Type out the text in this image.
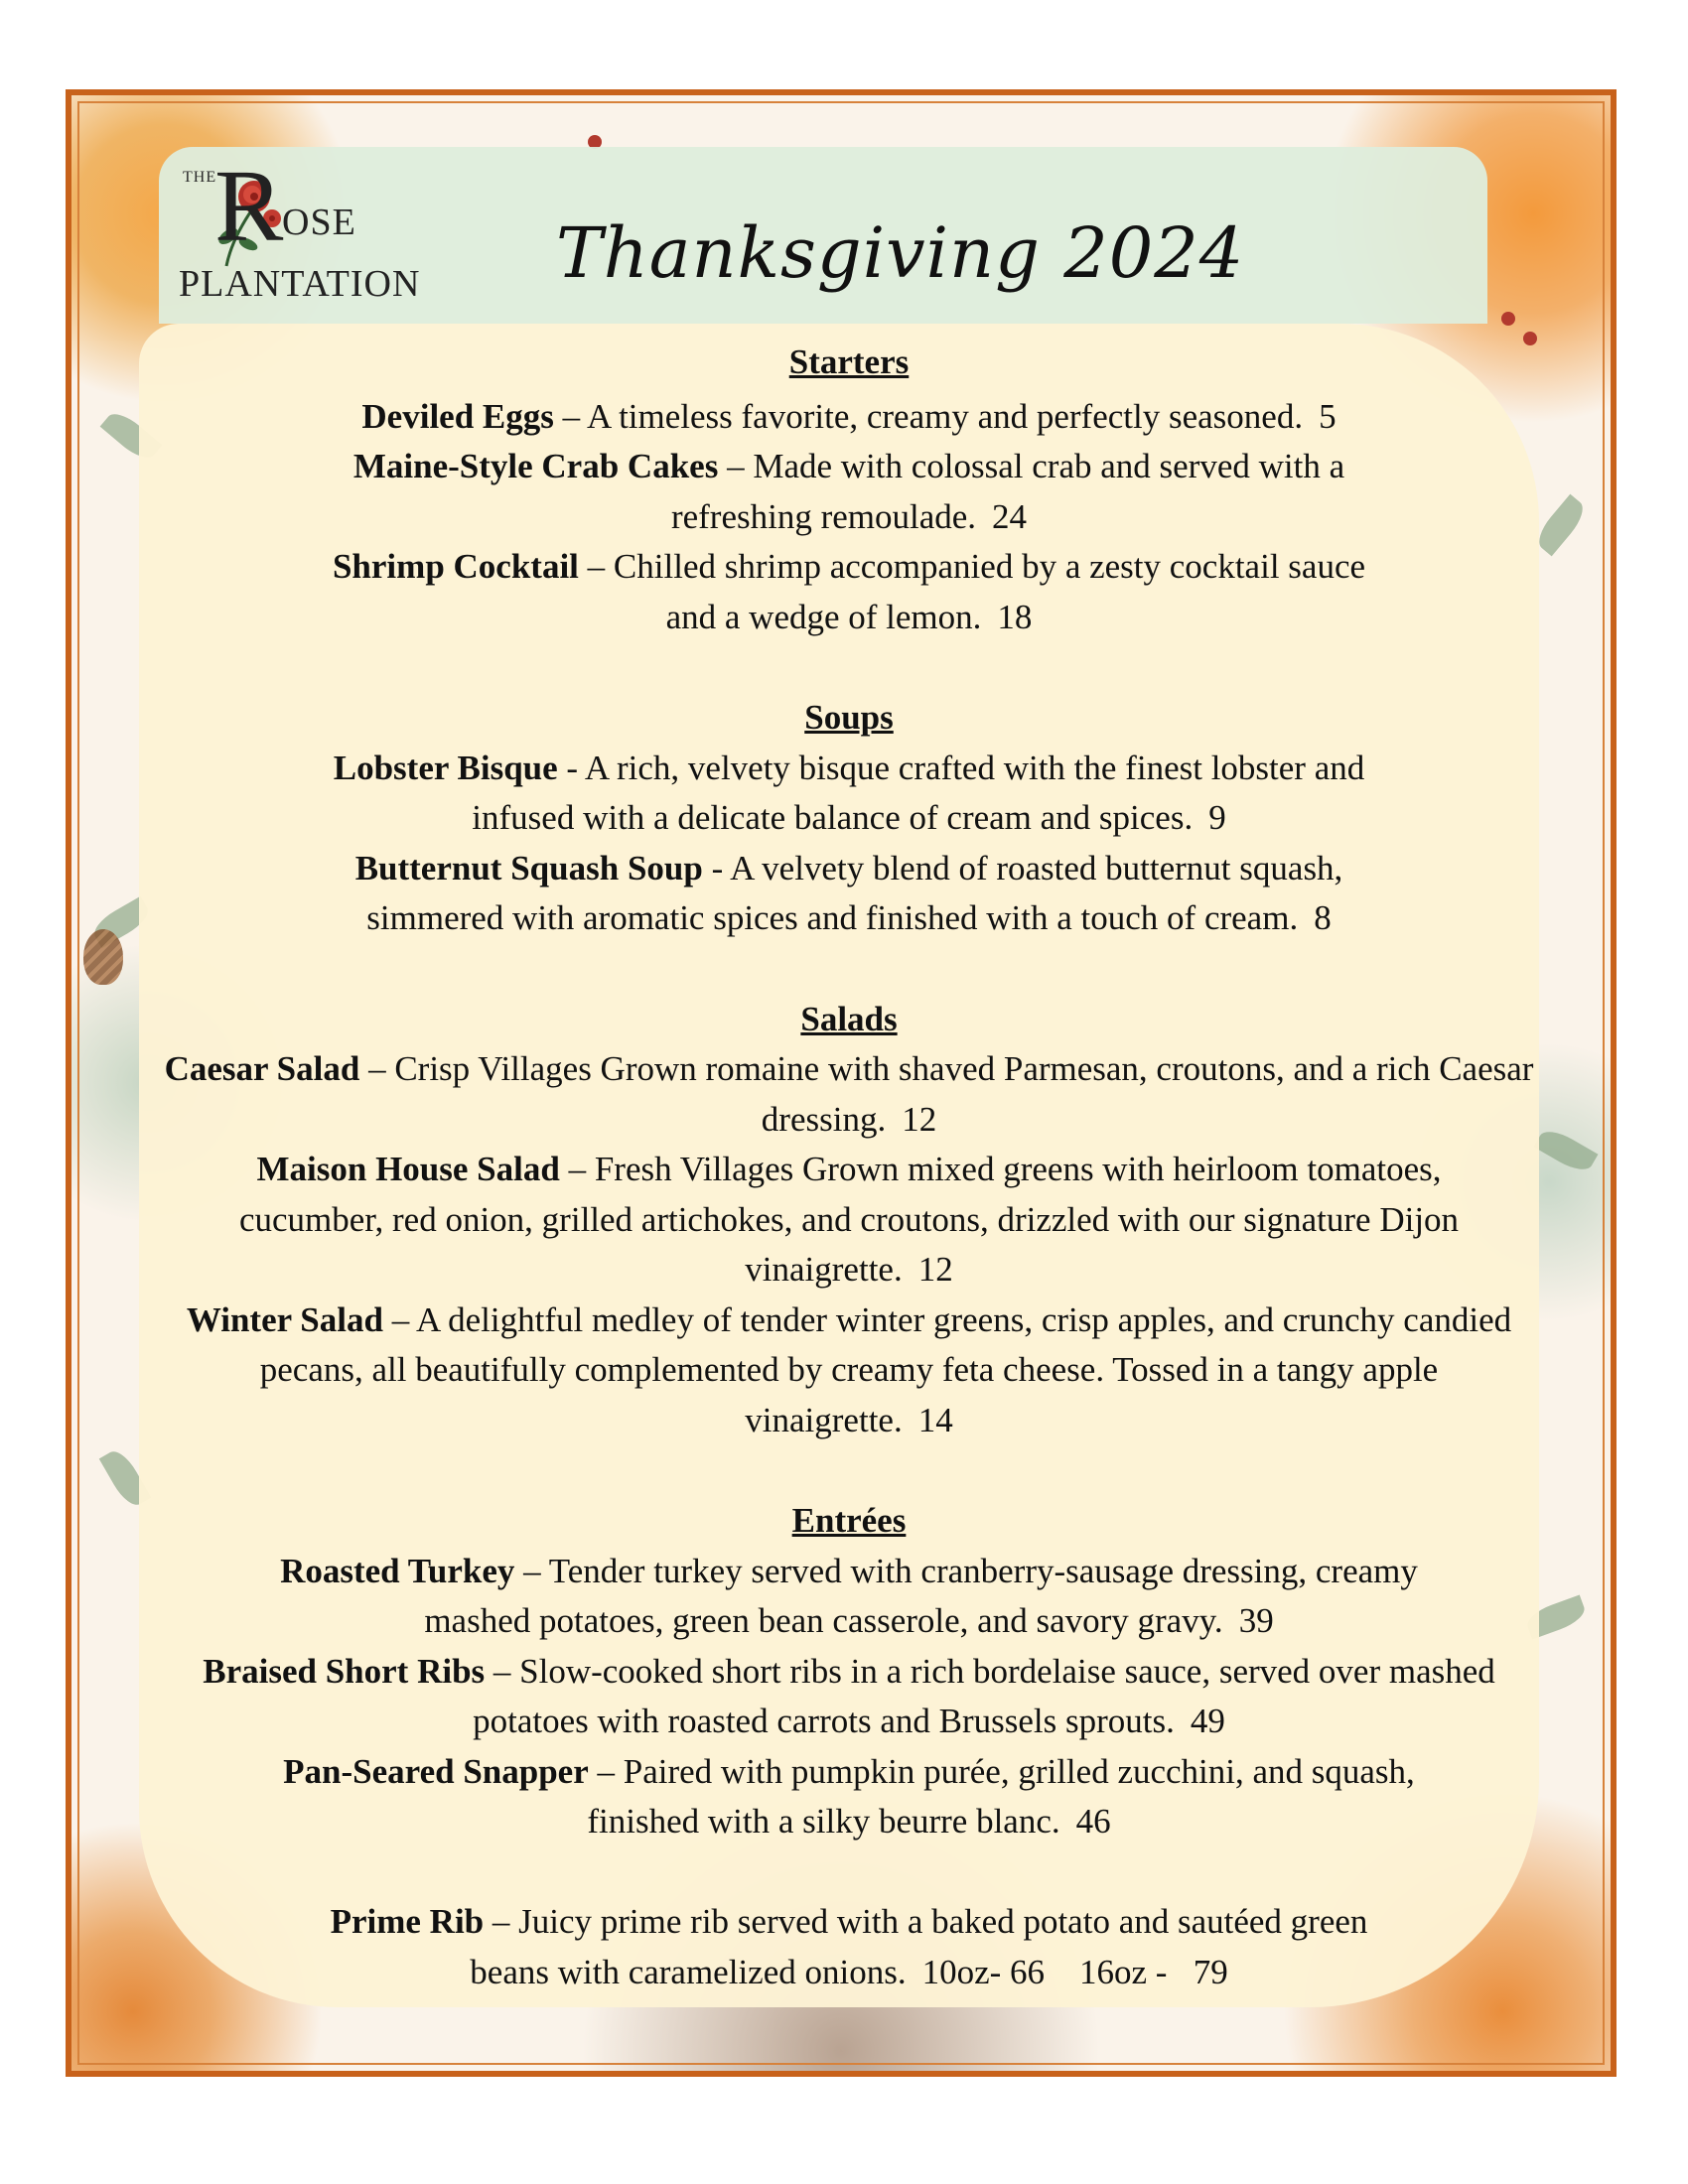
THE
R
OSE
PLANTATION Thanksgiving 2024

Starters

Deviled Eggs – A timeless favorite, creamy and perfectly seasoned. 5

Maine-Style Crab Cakes – Made with colossal crab and served with a refreshing remoulade. 24

Shrimp Cocktail – Chilled shrimp accompanied by a zesty cocktail sauce and a wedge of lemon. 18

Soups

Lobster Bisque - A rich, velvety bisque crafted with the finest lobster and infused with a delicate balance of cream and spices. 9

Butternut Squash Soup - A velvety blend of roasted butternut squash, simmered with aromatic spices and finished with a touch of cream. 8

Salads

Caesar Salad – Crisp Villages Grown romaine with shaved Parmesan, croutons, and a rich Caesar dressing. 12

Maison House Salad – Fresh Villages Grown mixed greens with heirloom tomatoes, cucumber, red onion, grilled artichokes, and croutons, drizzled with our signature Dijon vinaigrette. 12

Winter Salad – A delightful medley of tender winter greens, crisp apples, and crunchy candied pecans, all beautifully complemented by creamy feta cheese. Tossed in a tangy apple vinaigrette. 14

Entrées

Roasted Turkey – Tender turkey served with cranberry-sausage dressing, creamy mashed potatoes, green bean casserole, and savory gravy. 39

Braised Short Ribs – Slow-cooked short ribs in a rich bordelaise sauce, served over mashed potatoes with roasted carrots and Brussels sprouts. 49

Pan-Seared Snapper – Paired with pumpkin purée, grilled zucchini, and squash, finished with a silky beurre blanc. 46

Prime Rib – Juicy prime rib served with a baked potato and sautéed green beans with caramelized onions. 10oz- 66    16oz -   79
